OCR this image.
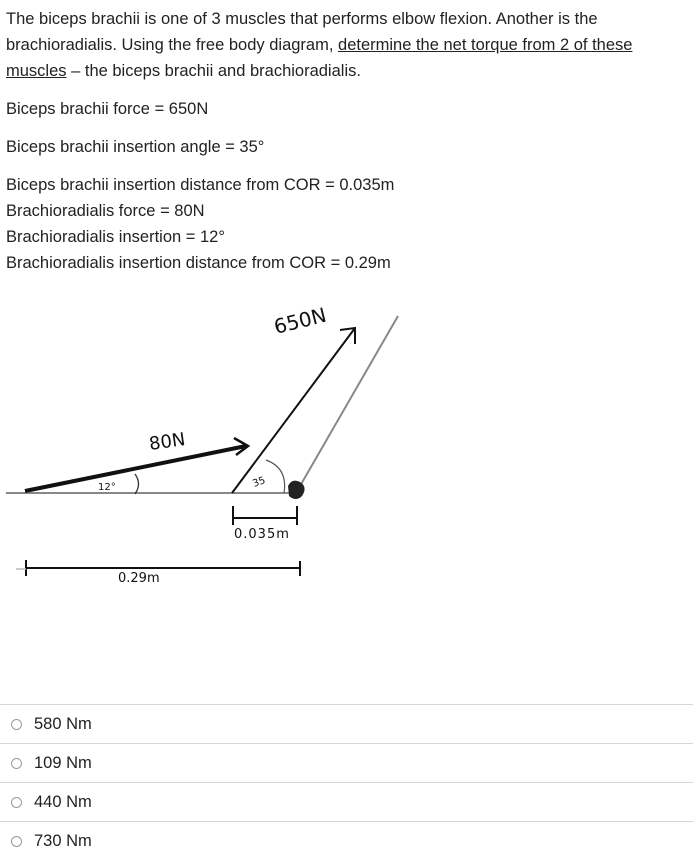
The biceps brachii is one of 3 muscles that performs elbow flexion. Another is the brachioradialis. Using the free body diagram, determine the net torque from 2 of these muscles – the biceps brachii and brachioradialis.
Biceps brachii force = 650N
Biceps brachii insertion angle = 35°
Biceps brachii insertion distance from COR = 0.035m
Brachioradialis force = 80N
Brachioradialis insertion = 12°
Brachioradialis insertion distance from COR = 0.29m
650N
80N
12°	35
0.035m
0.29m
580 Nm
109 Nm
440 Nm
730 Nm
